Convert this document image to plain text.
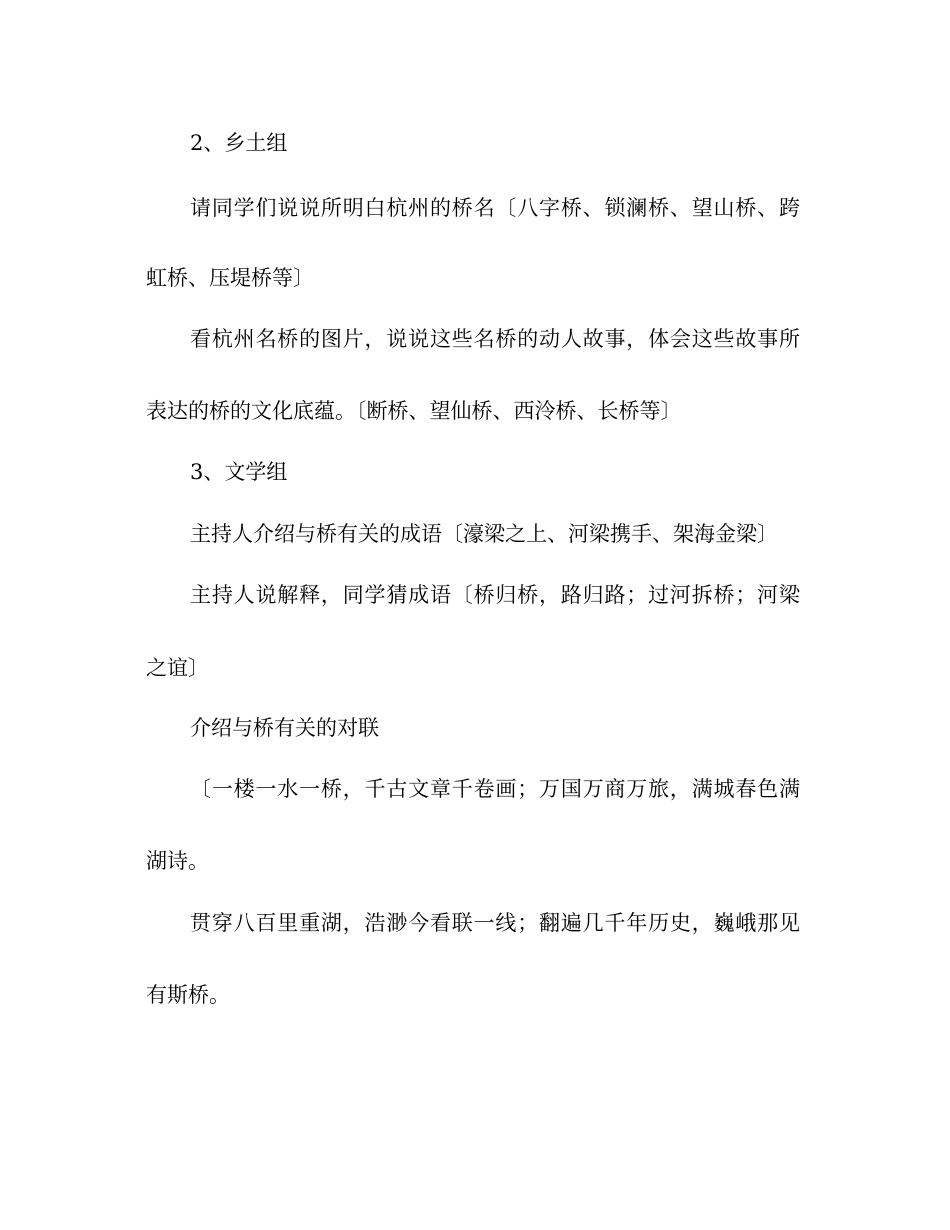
2、乡土组
请同学们说说所明白杭州的桥名〔八字桥、锁澜桥、望山桥、跨
虹桥、压堤桥等〕
看杭州名桥的图片，说说这些名桥的动人故事，体会这些故事所
表达的桥的文化底蕴。〔断桥、望仙桥、西泠桥、长桥等〕
3、文学组
主持人介绍与桥有关的成语〔濠梁之上、河梁携手、架海金梁〕
主持人说解释，同学猜成语〔桥归桥，路归路；过河拆桥；河梁
之谊〕
介绍与桥有关的对联
〔一楼一水一桥，千古文章千卷画；万国万商万旅，满城春色满
湖诗。
贯穿八百里重湖，浩渺今看联一线；翻遍几千年历史，巍峨那见
有斯桥。
